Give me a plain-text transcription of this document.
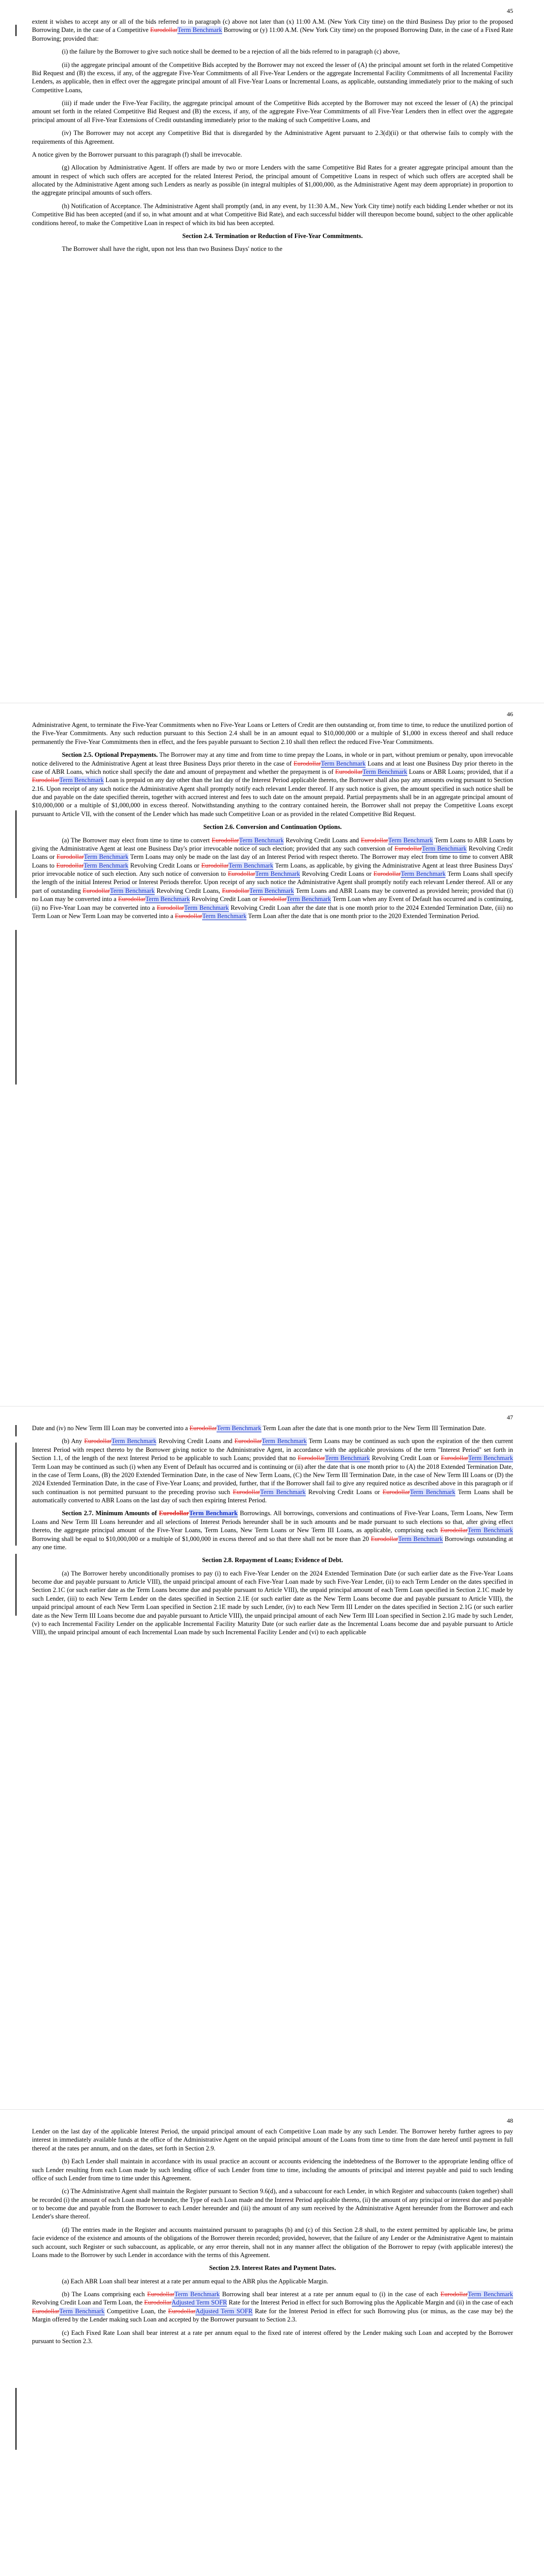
45

extent it wishes to accept any or all of the bids referred to in paragraph (c) above not later than (x) 11:00 A.M. (New York City time) on the third Business Day prior to the proposed Borrowing Date, in the case of a Competitive EurodollarTerm Benchmark Borrowing or (y) 11:00 A.M. (New York City time) on the proposed Borrowing Date, in the case of a Fixed Rate Borrowing; provided that:

(i) the failure by the Borrower to give such notice shall be deemed to be a rejection of all the bids referred to in paragraph (c) above,

(ii) the aggregate principal amount of the Competitive Bids accepted by the Borrower may not exceed the lesser of (A) the principal amount set forth in the related Competitive Bid Request and (B) the excess, if any, of the aggregate Five-Year Commitments of all Five-Year Lenders or the aggregate Incremental Facility Commitments of all Incremental Facility Lenders, as applicable, then in effect over the aggregate principal amount of all Five-Year Loans or Incremental Loans, as applicable, outstanding immediately prior to the making of such Competitive Loans,

(iii) if made under the Five-Year Facility, the aggregate principal amount of the Competitive Bids accepted by the Borrower may not exceed the lesser of (A) the principal amount set forth in the related Competitive Bid Request and (B) the excess, if any, of the aggregate Five-Year Commitments of all Five-Year Lenders then in effect over the aggregate principal amount of all Five-Year Extensions of Credit outstanding immediately prior to the making of such Competitive Loans, and

(iv) The Borrower may not accept any Competitive Bid that is disregarded by the Administrative Agent pursuant to 2.3(d)(ii) or that otherwise fails to comply with the requirements of this Agreement.

A notice given by the Borrower pursuant to this paragraph (f) shall be irrevocable.

(g) Allocation by Administrative Agent. If offers are made by two or more Lenders with the same Competitive Bid Rates for a greater aggregate principal amount than the amount in respect of which such offers are accepted for the related Interest Period, the principal amount of Competitive Loans in respect of which such offers are accepted shall be allocated by the Administrative Agent among such Lenders as nearly as possible (in integral multiples of $1,000,000, as the Administrative Agent may deem appropriate) in proportion to the aggregate principal amounts of such offers.

(h) Notification of Acceptance. The Administrative Agent shall promptly (and, in any event, by 11:30 A.M., New York City time) notify each bidding Lender whether or not its Competitive Bid has been accepted (and if so, in what amount and at what Competitive Bid Rate), and each successful bidder will thereupon become bound, subject to the other applicable conditions hereof, to make the Competitive Loan in respect of which its bid has been accepted.

Section 2.4. Termination or Reduction of Five-Year Commitments.

The Borrower shall have the right, upon not less than two Business Days' notice to the

46

Administrative Agent, to terminate the Five-Year Commitments when no Five-Year Loans or Letters of Credit are then outstanding or, from time to time, to reduce the unutilized portion of the Five-Year Commitments. Any such reduction pursuant to this Section 2.4 shall be in an amount equal to $10,000,000 or a multiple of $1,000 in excess thereof and shall reduce permanently the Five-Year Commitments then in effect, and the fees payable pursuant to Section 2.10 shall then reflect the reduced Five-Year Commitments.

Section 2.5. Optional Prepayments. The Borrower may at any time and from time to time prepay the Loans, in whole or in part, without premium or penalty, upon irrevocable notice delivered to the Administrative Agent at least three Business Days prior thereto in the case of EurodollarTerm Benchmark Loans and at least one Business Day prior thereto in the case of ABR Loans, which notice shall specify the date and amount of prepayment and whether the prepayment is of EurodollarTerm Benchmark Loans or ABR Loans; provided, that if a EurodollarTerm Benchmark Loan is prepaid on any day other than the last day of the Interest Period applicable thereto, the Borrower shall also pay any amounts owing pursuant to Section 2.16. Upon receipt of any such notice the Administrative Agent shall promptly notify each relevant Lender thereof. If any such notice is given, the amount specified in such notice shall be due and payable on the date specified therein, together with accrued interest and fees to such date on the amount prepaid. Partial prepayments shall be in an aggregate principal amount of $10,000,000 or a multiple of $1,000,000 in excess thereof. Notwithstanding anything to the contrary contained herein, the Borrower shall not prepay the Competitive Loans except pursuant to Article VII, with the consent of the Lender which has made such Competitive Loan or as provided in the related Competitive Bid Request.

Section 2.6. Conversion and Continuation Options.

(a) The Borrower may elect from time to time to convert EurodollarTerm Benchmark Revolving Credit Loans and EurodollarTerm Benchmark Term Loans to ABR Loans by giving the Administrative Agent at least one Business Day's prior irrevocable notice of such election; provided that any such conversion of EurodollarTerm Benchmark Revolving Credit Loans or EurodollarTerm Benchmark Term Loans may only be made on the last day of an Interest Period with respect thereto. The Borrower may elect from time to time to convert ABR Loans to EurodollarTerm Benchmark Revolving Credit Loans or EurodollarTerm Benchmark Term Loans, as applicable, by giving the Administrative Agent at least three Business Days' prior irrevocable notice of such election. Any such notice of conversion to EurodollarTerm Benchmark Revolving Credit Loans or EurodollarTerm Benchmark Term Loans shall specify the length of the initial Interest Period or Interest Periods therefor. Upon receipt of any such notice the Administrative Agent shall promptly notify each relevant Lender thereof. All or any part of outstanding EurodollarTerm Benchmark Revolving Credit Loans, EurodollarTerm Benchmark Term Loans and ABR Loans may be converted as provided herein; provided that (i) no Loan may be converted into a EurodollarTerm Benchmark Revolving Credit Loan or EurodollarTerm Benchmark Term Loan when any Event of Default has occurred and is continuing, (ii) no Five-Year Loan may be converted into a EurodollarTerm Benchmark Revolving Credit Loan after the date that is one month prior to the 2024 Extended Termination Date, (iii) no Term Loan or New Term Loan may be converted into a EurodollarTerm Benchmark Term Loan after the date that is one month prior to the 2020 Extended Termination Period.

47

Date and (iv) no New Term III Loan may be converted into a EurodollarTerm Benchmark Term Loan after the date that is one month prior to the New Term III Termination Date.

(b) Any EurodollarTerm Benchmark Revolving Credit Loans and EurodollarTerm Benchmark Term Loans may be continued as such upon the expiration of the then current Interest Period with respect thereto by the Borrower giving notice to the Administrative Agent, in accordance with the applicable provisions of the term "Interest Period" set forth in Section 1.1, of the length of the next Interest Period to be applicable to such Loans; provided that no EurodollarTerm Benchmark Revolving Credit Loan or EurodollarTerm Benchmark Term Loan may be continued as such (i) when any Event of Default has occurred and is continuing or (ii) after the date that is one month prior to (A) the 2018 Extended Termination Date, in the case of Term Loans, (B) the 2020 Extended Termination Date, in the case of New Term Loans, (C) the New Term III Termination Date, in the case of New Term III Loans or (D) the 2024 Extended Termination Date, in the case of Five-Year Loans; and provided, further, that if the Borrower shall fail to give any required notice as described above in this paragraph or if such continuation is not permitted pursuant to the preceding proviso such EurodollarTerm Benchmark Revolving Credit Loans or EurodollarTerm Benchmark Term Loans shall be automatically converted to ABR Loans on the last day of such then expiring Interest Period.

Section 2.7. Minimum Amounts of EurodollarTerm Benchmark Borrowings. All borrowings, conversions and continuations of Five-Year Loans, Term Loans, New Term Loans and New Term III Loans hereunder and all selections of Interest Periods hereunder shall be in such amounts and be made pursuant to such elections so that, after giving effect thereto, the aggregate principal amount of the Five-Year Loans, Term Loans, New Term Loans or New Term III Loans, as applicable, comprising each EurodollarTerm Benchmark Borrowing shall be equal to $10,000,000 or a multiple of $1,000,000 in excess thereof and so that there shall not be more than 20 EurodollarTerm Benchmark Borrowings outstanding at any one time.

Section 2.8. Repayment of Loans; Evidence of Debt.

(a) The Borrower hereby unconditionally promises to pay (i) to each Five-Year Lender on the 2024 Extended Termination Date (or such earlier date as the Five-Year Loans become due and payable pursuant to Article VIII), the unpaid principal amount of each Five-Year Loan made by such Five-Year Lender, (ii) to each Term Lender on the dates specified in Section 2.1C (or such earlier date as the Term Loans become due and payable pursuant to Article VIII), the unpaid principal amount of each Term Loan specified in Section 2.1C made by such Lender, (iii) to each New Term Lender on the dates specified in Section 2.1E (or such earlier date as the New Term Loans become due and payable pursuant to Article VIII), the unpaid principal amount of each New Term Loan specified in Section 2.1E made by such Lender, (iv) to each New Term III Lender on the dates specified in Section 2.1G (or such earlier date as the New Term III Loans become due and payable pursuant to Article VIII), the unpaid principal amount of each New Term III Loan specified in Section 2.1G made by such Lender, (v) to each Incremental Facility Lender on the applicable Incremental Facility Maturity Date (or such earlier date as the Incremental Loans become due and payable pursuant to Article VIII), the unpaid principal amount of each Incremental Loan made by such Incremental Facility Lender and (vi) to each applicable

48

Lender on the last day of the applicable Interest Period, the unpaid principal amount of each Competitive Loan made by any such Lender. The Borrower hereby further agrees to pay interest in immediately available funds at the office of the Administrative Agent on the unpaid principal amount of the Loans from time to time from the date hereof until payment in full thereof at the rates per annum, and on the dates, set forth in Section 2.9.

(b) Each Lender shall maintain in accordance with its usual practice an account or accounts evidencing the indebtedness of the Borrower to the appropriate lending office of such Lender resulting from each Loan made by such lending office of such Lender from time to time, including the amounts of principal and interest payable and paid to such lending office of such Lender from time to time under this Agreement.

(c) The Administrative Agent shall maintain the Register pursuant to Section 9.6(d), and a subaccount for each Lender, in which Register and subaccounts (taken together) shall be recorded (i) the amount of each Loan made hereunder, the Type of each Loan made and the Interest Period applicable thereto, (ii) the amount of any principal or interest due and payable or to become due and payable from the Borrower to each Lender hereunder and (iii) the amount of any sum received by the Administrative Agent hereunder from the Borrower and each Lender's share thereof.

(d) The entries made in the Register and accounts maintained pursuant to paragraphs (b) and (c) of this Section 2.8 shall, to the extent permitted by applicable law, be prima facie evidence of the existence and amounts of the obligations of the Borrower therein recorded; provided, however, that the failure of any Lender or the Administrative Agent to maintain such account, such Register or such subaccount, as applicable, or any error therein, shall not in any manner affect the obligation of the Borrower to repay (with applicable interest) the Loans made to the Borrower by such Lender in accordance with the terms of this Agreement.

Section 2.9. Interest Rates and Payment Dates.

(a) Each ABR Loan shall bear interest at a rate per annum equal to the ABR plus the Applicable Margin.

(b) The Loans comprising each EurodollarTerm Benchmark Borrowing shall bear interest at a rate per annum equal to (i) in the case of each EurodollarTerm Benchmark Revolving Credit Loan and Term Loan, the EurodollarAdjusted Term SOFR Rate for the Interest Period in effect for such Borrowing plus the Applicable Margin and (ii) in the case of each EurodollarTerm Benchmark Competitive Loan, the EurodollarAdjusted Term SOFR Rate for the Interest Period in effect for such Borrowing plus (or minus, as the case may be) the Margin offered by the Lender making such Loan and accepted by the Borrower pursuant to Section 2.3.

(c) Each Fixed Rate Loan shall bear interest at a rate per annum equal to the fixed rate of interest offered by the Lender making such Loan and accepted by the Borrower pursuant to Section 2.3.
